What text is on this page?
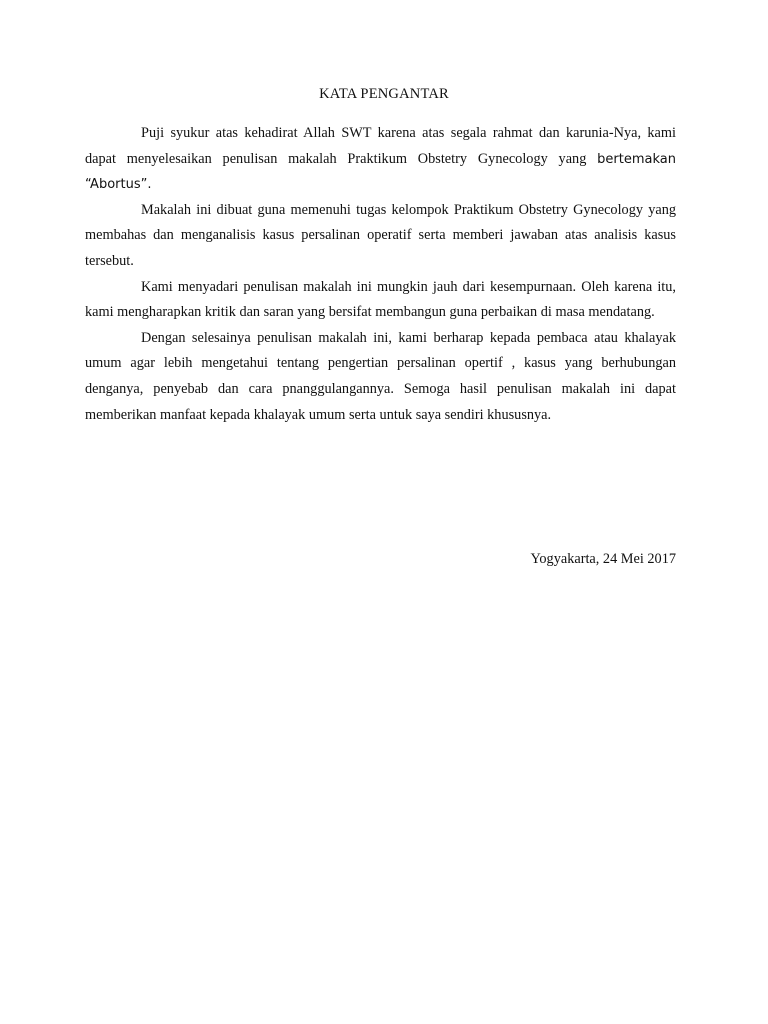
KATA PENGANTAR

Puji syukur atas kehadirat Allah SWT karena atas segala rahmat dan karunia-Nya, kami dapat menyelesaikan penulisan makalah Praktikum Obstetry Gynecology yang bertemakan “Abortus”.

Makalah ini dibuat guna memenuhi tugas kelompok Praktikum Obstetry Gynecology yang membahas dan menganalisis kasus persalinan operatif serta memberi jawaban atas analisis kasus tersebut.

Kami menyadari penulisan makalah ini mungkin jauh dari kesempurnaan. Oleh karena itu, kami mengharapkan kritik dan saran yang bersifat membangun guna perbaikan di masa mendatang.

Dengan selesainya penulisan makalah ini, kami berharap kepada pembaca atau khalayak umum agar lebih mengetahui tentang pengertian persalinan opertif , kasus yang berhubungan denganya, penyebab dan cara pnanggulangannya. Semoga hasil penulisan makalah ini dapat memberikan manfaat kepada khalayak umum serta untuk saya sendiri khususnya.

Yogyakarta, 24 Mei 2017
